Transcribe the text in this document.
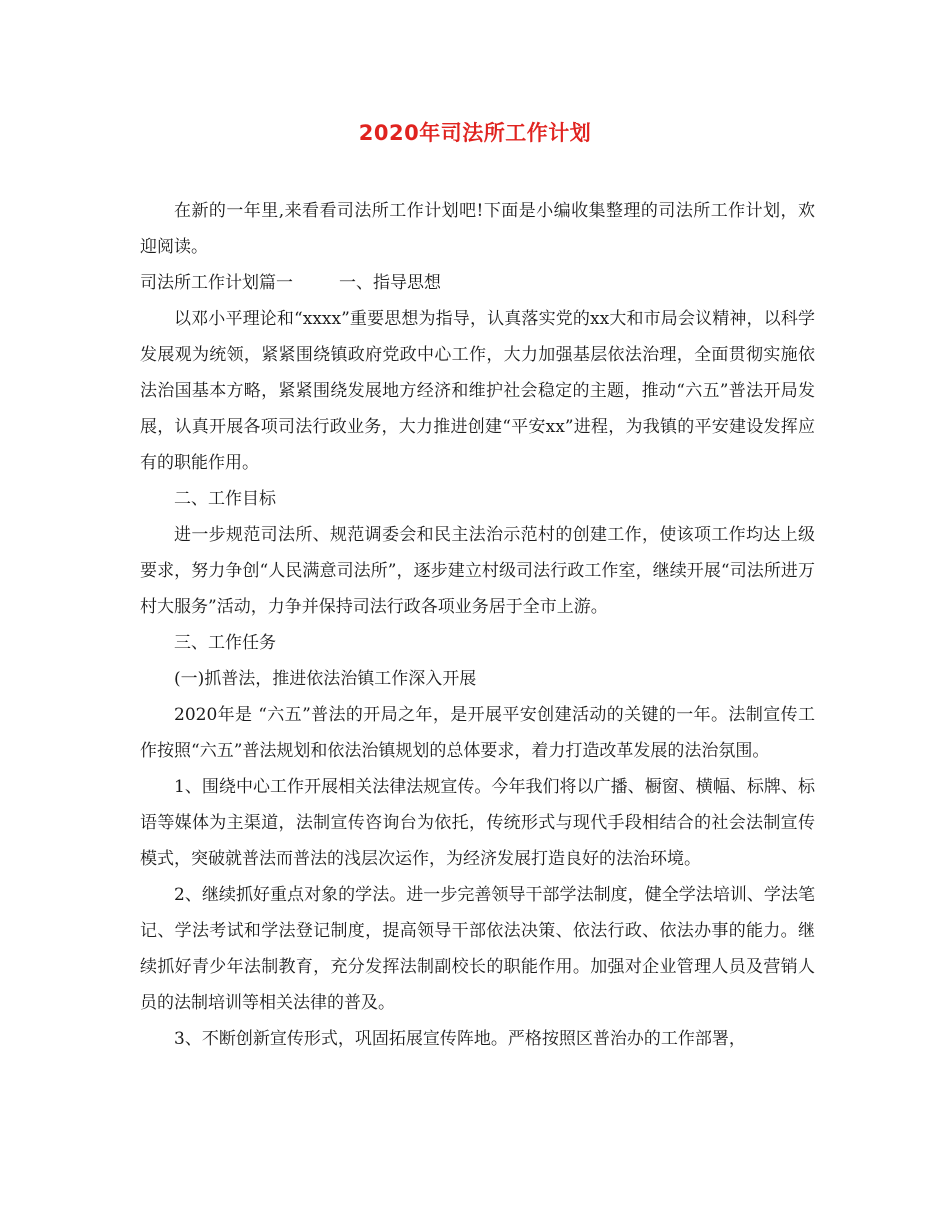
2020年司法所工作计划

在新的一年里,来看看司法所工作计划吧!下面是小编收集整理的司法所工作计划，欢迎阅读。

司法所工作计划篇一	一、指导思想

以邓小平理论和“xxxx”重要思想为指导，认真落实党的xx大和市局会议精神，以科学发展观为统领，紧紧围绕镇政府党政中心工作，大力加强基层依法治理，全面贯彻实施依法治国基本方略，紧紧围绕发展地方经济和维护社会稳定的主题，推动“六五”普法开局发展，认真开展各项司法行政业务，大力推进创建“平安xx”进程，为我镇的平安建设发挥应有的职能作用。

二、工作目标

进一步规范司法所、规范调委会和民主法治示范村的创建工作，使该项工作均达上级要求，努力争创“人民满意司法所”，逐步建立村级司法行政工作室，继续开展“司法所进万村大服务”活动，力争并保持司法行政各项业务居于全市上游。

三、工作任务

(一)抓普法，推进依法治镇工作深入开展

2020年是 “六五”普法的开局之年，是开展平安创建活动的关键的一年。法制宣传工作按照“六五”普法规划和依法治镇规划的总体要求，着力打造改革发展的法治氛围。

1、围绕中心工作开展相关法律法规宣传。今年我们将以广播、橱窗、横幅、标牌、标语等媒体为主渠道，法制宣传咨询台为依托，传统形式与现代手段相结合的社会法制宣传模式，突破就普法而普法的浅层次运作，为经济发展打造良好的法治环境。

2、继续抓好重点对象的学法。进一步完善领导干部学法制度，健全学法培训、学法笔记、学法考试和学法登记制度，提高领导干部依法决策、依法行政、依法办事的能力。继续抓好青少年法制教育，充分发挥法制副校长的职能作用。加强对企业管理人员及营销人员的法制培训等相关法律的普及。

3、不断创新宣传形式，巩固拓展宣传阵地。严格按照区普治办的工作部署，
